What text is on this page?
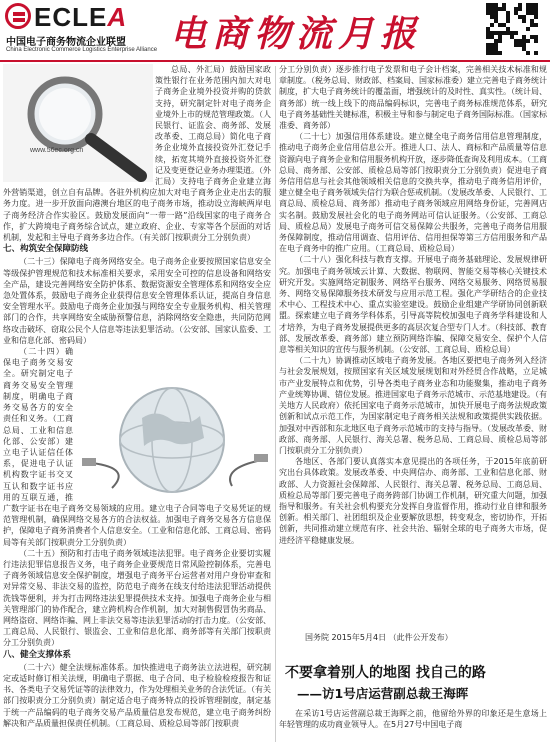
ECLEA
中国电子商务物流企业联盟
China Electronic Commerce Logistics Enterprise Alliance 电商物流月报
www.56ec.org.cn

总局、外汇局）鼓励国家政策性银行在业务范围内加大对电子商务企业境外投资并购的贷款支持，研究制定针对电子商务企业境外上市的规范管理政策。（人民银行、证监会、商务部、发展改革委、工商总局）简化电子商务企业境外直接投资外汇登记手续，拓宽其境外直接投资外汇登记及变更登记业务办理渠道。（外汇局）支持电子商务企业建立海外营销渠道，创立自有品牌。各驻外机构应加大对电子商务企业走出去的服务力度。进一步开放面向港澳台地区的电子商务市场，推动设立海峡两岸电子商务经济合作实验区。鼓励发展面向“一带一路”沿线国家的电子商务合作，扩大跨境电子商务综合试点，建立政府、企业、专家等各个层面的对话机制，发起和主导电子商务多边合作。（有关部门按职责分工分别负责）

七、构筑安全保障防线

（二十三）保障电子商务网络安全。电子商务企业要按照国家信息安全等级保护管理规范和技术标准相关要求，采用安全可控的信息设备和网络安全产品，建设完善网络安全防护体系、数据资源安全管理体系和网络安全应急处置体系，鼓励电子商务企业获得信息安全管理体系认证，提高自身信息安全管理水平。鼓励电子商务企业加强与网络安全专业服务机构、相关管理部门的合作，共享网络安全威胁预警信息，消除网络安全隐患，共同防范网络攻击破坏、窃取公民个人信息等违法犯罪活动。（公安部、国家认监委、工业和信息化部、密码局）

（二十四）确保电子商务交易安全。研究制定电子商务交易安全管理制度，明确电子商务交易各方的安全责任和义务。（工商总局、工业和信息化部、公安部）建立电子认证信任体系，促进电子认证机构数字证书交叉互认和数字证书应用的互联互通，推广数字证书在电子商务交易领域的应用。建立电子合同等电子交易凭证的规范管理机制，确保网络交易各方的合法权益。加强电子商务交易各方信息保护，保障电子商务消费者个人信息安全。（工业和信息化部、工商总局、密码局等有关部门按职责分工分别负责）

（二十五）预防和打击电子商务领域违法犯罪。电子商务企业要切实履行违法犯罪信息报告义务，电子商务企业要规范日常风险控制体系，完善电子商务领域信息安全保护制度，增强电子商务平台运营者对用户身份审查和对异常交易、非法交易的监控，防范电子商务在线支付给违法犯罪活动提供洗钱等便利，并为打击网络违法犯罪提供技术支持。加强电子商务企业与相关管理部门的协作配合，建立跨机构合作机制，加大对制售假冒伪劣商品、网络盗窃、网络诈骗、网上非法交易等违法犯罪活动的打击力度。（公安部、工商总局、人民银行、银监会、工业和信息化部、商务部等有关部门按职责分工分别负责）

八、健全支撑体系

（二十六）健全法规标准体系。加快推进电子商务法立法进程，研究制定或适时修订相关法规，明确电子票据、电子合同、电子检验检疫报告和证书、各类电子交易凭证等的法律效力，作为处理相关业务的合法凭证。（有关部门按职责分工分别负责）制定适合电子商务特点的投诉管理制度，制定基于统一产品编码的电子商务交易产品质量信息发布规范，建立电子商务纠纷解决和产品质量担保责任机制。（工商总局、质检总局等部门按职责

分工分别负责）逐步推行电子发票和电子会计档案，完善相关技术标准和规章制度。（税务总局、财政部、档案局、国家标准委）建立完善电子商务统计制度，扩大电子商务统计的覆盖面，增强统计的及时性、真实性。（统计局、商务部）统一线上线下的商品编码标识，完善电子商务标准规范体系，研究电子商务基础性关键标准，积极主导和参与制定电子商务国际标准。（国家标准委、商务部）

（二十七）加强信用体系建设。建立健全电子商务信用信息管理制度，推动电子商务企业信用信息公开。推进人口、法人、商标和产品质量等信息资源向电子商务企业和信用服务机构开放，逐步降低查询及利用成本。（工商总局、商务部、公安部、质检总局等部门按职责分工分别负责）促进电子商务信用信息与社会其他领域相关信息的交换共享，推动电子商务信用评价，建立健全电子商务领域失信行为联合惩戒机制。（发展改革委、人民银行、工商总局、质检总局、商务部）推动电子商务领域应用网络身份证，完善网店实名制。鼓励发展社会化的电子商务网站可信认证服务。（公安部、工商总局、质检总局）发展电子商务可信交易保障公共服务，完善电子商务信用服务保障制度，推动信用调查、信用评估、信用担保等第三方信用服务和产品在电子商务中的推广应用。（工商总局、质检总局）

（二十八）强化科技与教育支撑。开展电子商务基础理论、发展规律研究。加强电子商务领域云计算、大数据、物联网、智能交易等核心关键技术研究开发。实施网络定制服务、网络平台服务、网络交易服务、网络贸易服务、网络交易保障服务技术研发与应用示范工程。强化产学研结合的企业技术中心、工程技术中心、重点实验室建设。鼓励企业组建产学研协同创新联盟。探索建立电子商务学科体系，引导高等院校加强电子商务学科建设和人才培养，为电子商务发展提供更多的高层次复合型专门人才。（科技部、教育部、发展改革委、商务部）建立预防网络诈骗、保障交易安全、保护个人信息等相关知识的宣传与服务机制。（公安部、工商总局、质检总局）

（二十九）协调推动区域电子商务发展。各地区要把电子商务列入经济与社会发展规划，按照国家有关区域发展规划和对外经贸合作战略，立足城市产业发展特点和优势，引导各类电子商务业态和功能聚集，推动电子商务产业统筹协调、错位发展。推进国家电子商务示范城市、示范基地建设。（有关地方人民政府）依托国家电子商务示范城市，加快开展电子商务法规政策创新和试点示范工作，为国家制定电子商务相关法规和政策提供实践依据。加强对中西部和东北地区电子商务示范城市的支持与指导。（发展改革委、财政部、商务部、人民银行、海关总署、税务总局、工商总局、质检总局等部门按职责分工分别负责）

各地区、各部门要认真落实本意见提出的各项任务，于2015年底前研究出台具体政策。发展改革委、中央网信办、商务部、工业和信息化部、财政部、人力资源社会保障部、人民银行、海关总署、税务总局、工商总局、质检总局等部门要完善电子商务跨部门协调工作机制，研究重大问题，加强指导和服务。有关社会机构要充分发挥自身监督作用，推动行业自律和服务创新。相关部门、社团组织及企业要解放思想，转变观念，密切协作，开拓创新，共同推动建立规范有序、社会共治、辐射全球的电子商务大市场，促进经济平稳健康发展。

国务院 2015年5月4日 （此件公开发布）
不要拿着别人的地图 找自己的路
——访1号店运营副总裁王海晖
在采访1号店运营副总裁王海晖之前，他留给外界的印象还是生意场上年轻管理的成功商业领导人。在5月27号中国电子商
